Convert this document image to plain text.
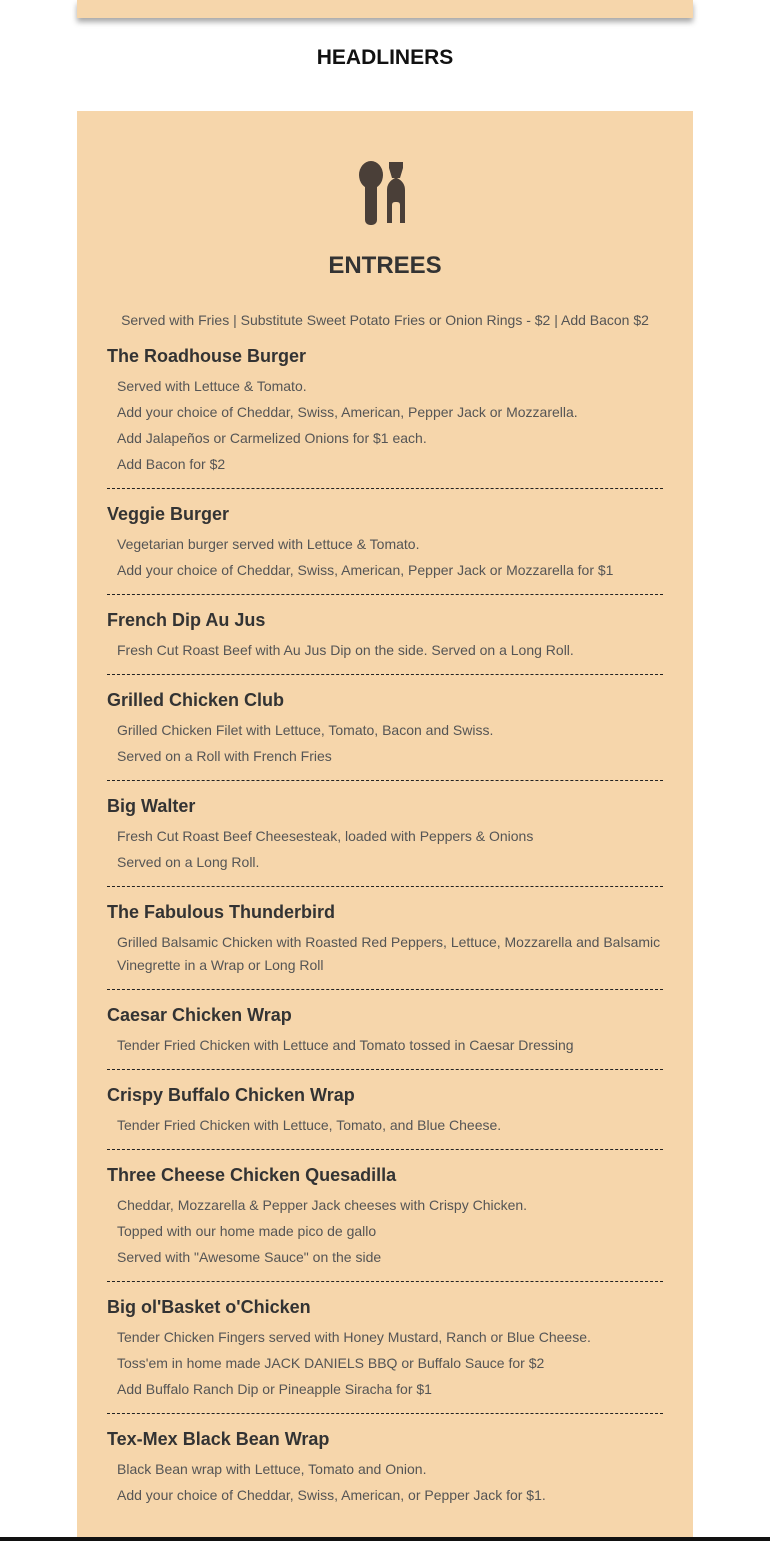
HEADLINERS
ENTREES
Served with Fries | Substitute Sweet Potato Fries or Onion Rings - $2 | Add Bacon $2
The Roadhouse Burger
Served with Lettuce & Tomato.
Add your choice of Cheddar, Swiss, American, Pepper Jack or Mozzarella.
Add Jalapeños or Carmelized Onions for $1 each.
Add Bacon for $2
Veggie Burger
Vegetarian burger served with Lettuce & Tomato.
Add your choice of Cheddar, Swiss, American, Pepper Jack or Mozzarella for $1
French Dip Au Jus
Fresh Cut Roast Beef with Au Jus Dip on the side. Served on a Long Roll.
Grilled Chicken Club
Grilled Chicken Filet with Lettuce, Tomato, Bacon and Swiss.
Served on a Roll with French Fries
Big Walter
Fresh Cut Roast Beef Cheesesteak, loaded with Peppers & Onions
Served on a Long Roll.
The Fabulous Thunderbird
Grilled Balsamic Chicken with Roasted Red Peppers, Lettuce, Mozzarella and Balsamic Vinegrette in a Wrap or Long Roll
Caesar Chicken Wrap
Tender Fried Chicken with Lettuce and Tomato tossed in Caesar Dressing
Crispy Buffalo Chicken Wrap
Tender Fried Chicken with Lettuce, Tomato, and Blue Cheese.
Three Cheese Chicken Quesadilla
Cheddar, Mozzarella & Pepper Jack cheeses with Crispy Chicken.
Topped with our home made pico de gallo
Served with "Awesome Sauce" on the side
Big ol'Basket o'Chicken
Tender Chicken Fingers served with Honey Mustard, Ranch or Blue Cheese.
Toss'em in home made JACK DANIELS BBQ or Buffalo Sauce for $2
Add Buffalo Ranch Dip or Pineapple Siracha for $1
Tex-Mex Black Bean Wrap
Black Bean wrap with Lettuce, Tomato and Onion.
Add your choice of Cheddar, Swiss, American, or Pepper Jack for $1.
